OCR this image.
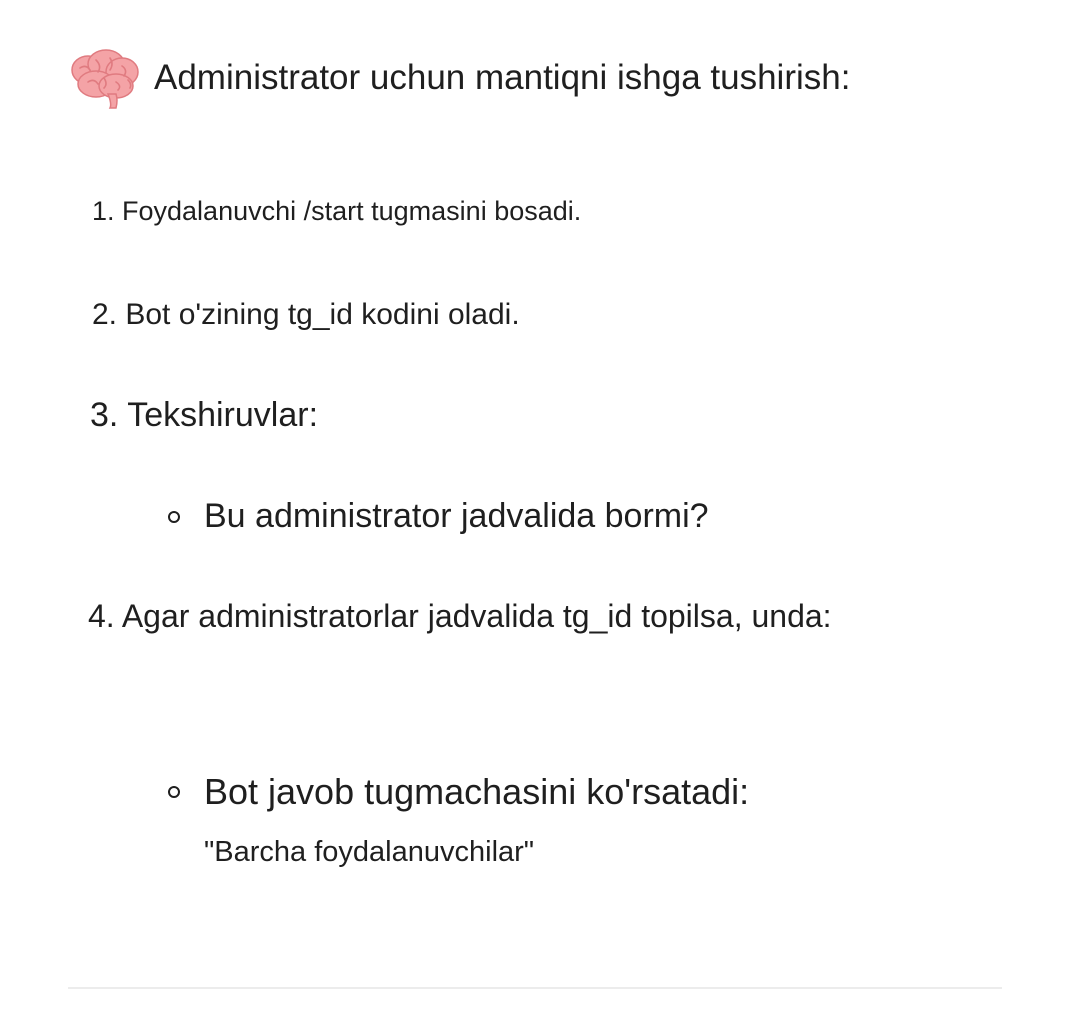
Administrator uchun mantiqni ishga tushirish:
1. Foydalanuvchi /start tugmasini bosadi.
2. Bot o'zining tg_id kodini oladi.
3. Tekshiruvlar:
Bu administrator jadvalida bormi?
4. Agar administratorlar jadvalida tg_id topilsa, unda:
Bot javob tugmachasini ko'rsatadi:
"Barcha foydalanuvchilar"
